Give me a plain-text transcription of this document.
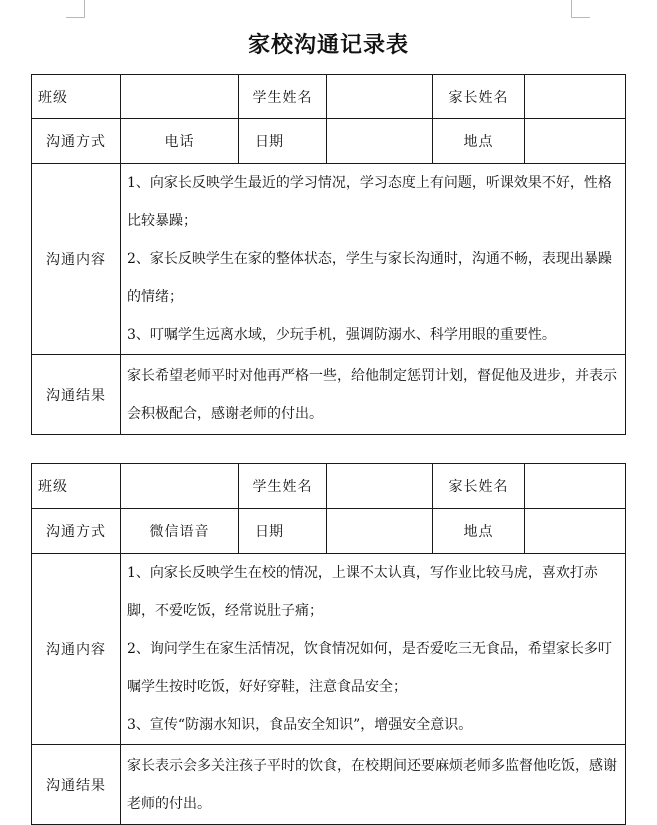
家校沟通记录表
班级		学生姓名		家长姓名	
沟通方式	电话	日期		地点	
沟通内容	1、向家长反映学生最近的学习情况，学习态度上有问题，听课效果不好，性格比较暴躁；

2、家长反映学生在家的整体状态，学生与家长沟通时，沟通不畅，表现出暴躁的情绪；

3、叮嘱学生远离水域，少玩手机，强调防溺水、科学用眼的重要性。				

沟通结果	家长希望老师平时对他再严格一些，给他制定惩罚计划，督促他及进步，并表示会积极配合，感谢老师的付出。				
班级		学生姓名		家长姓名	
沟通方式	微信语音	日期		地点	
沟通内容	1、向家长反映学生在校的情况，上课不太认真，写作业比较马虎，喜欢打赤脚，不爱吃饭，经常说肚子痛；

2、询问学生在家生活情况，饮食情况如何，是否爱吃三无食品，希望家长多叮嘱学生按时吃饭，好好穿鞋，注意食品安全；

3、宣传“防溺水知识，食品安全知识”，增强安全意识。				

沟通结果	家长表示会多关注孩子平时的饮食，在校期间还要麻烦老师多监督他吃饭，感谢老师的付出。				
